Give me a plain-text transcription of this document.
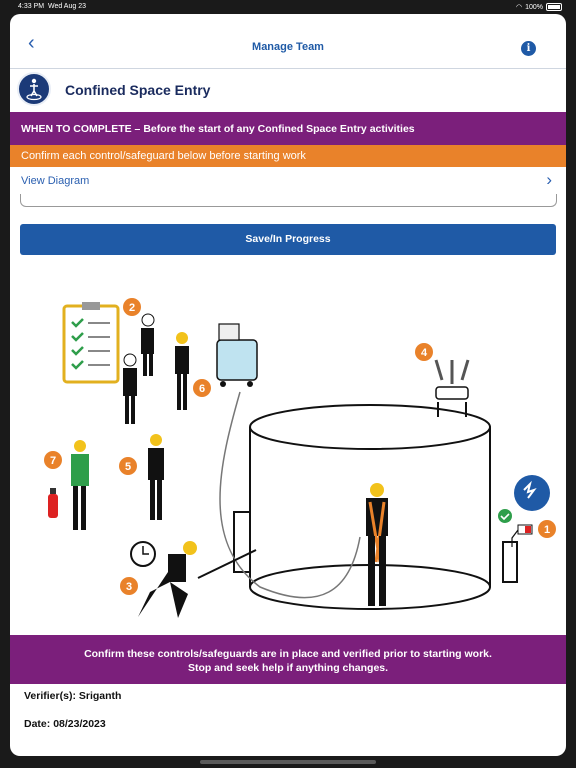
4:33 PM Wed Aug 23	◠ 100%
‹	Manage Team	i
Confined Space Entry
WHEN TO COMPLETE – Before the start of any Confined Space Entry activities
Confirm each control/safeguard below before starting work
View Diagram	›
Save/In Progress
1
2
3
4
5
6
7
Confirm these controls/safeguards are in place and verified prior to starting work.
Stop and seek help if anything changes.
Verifier(s): Sriganth
Date: 08/23/2023
